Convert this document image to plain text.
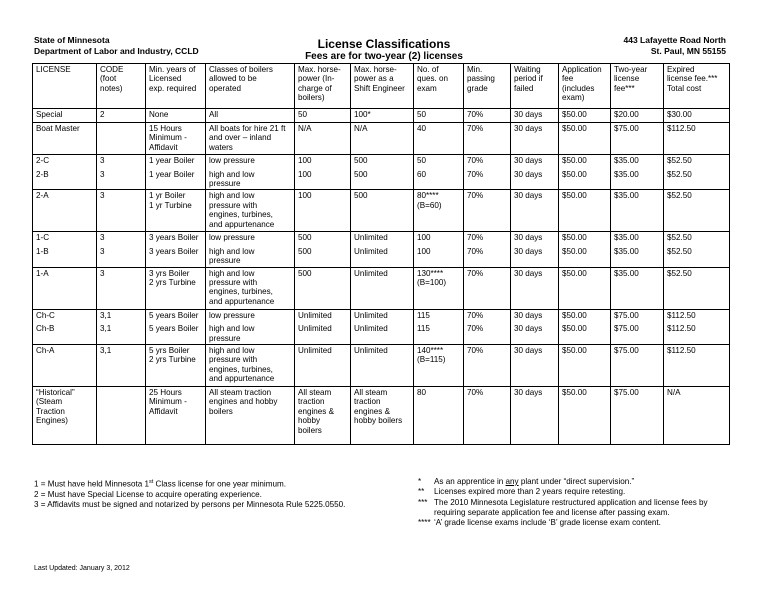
State of Minnesota
Department of Labor and Industry, CCLD	License Classifications
Fees are for two-year (2) licenses
443 Lafayette Road North
St. Paul, MN 55155
LICENSE	CODE
(foot
notes)	Min. years of
Licensed
exp. required	Classes of boilers
allowed to be
operated	Max. horse-
power (In-
charge of
boilers)	Max. horse-
power as a
Shift Engineer	No. of
ques. on
exam	Min.
passing
grade	Waiting
period if
failed	Application
fee
(includes
exam)	Two-year
license
fee***	Expired
license fee.***
Total cost
Special	2	None	All	50	100*	50	70%	30 days	$50.00	$20.00	$30.00
Boat Master		15 Hours
Minimum -
Affidavit	All boats for hire 21 ft
and over – inland
waters	N/A	N/A	40	70%	30 days	$50.00	$75.00	$112.50
2-C	3	1 year Boiler	low pressure	100	500	50	70%	30 days	$50.00	$35.00	$52.50
2-B	3	1 year Boiler	high and low
pressure	100	500	60	70%	30 days	$50.00	$35.00	$52.50
2-A	3	1 yr Boiler
1 yr Turbine	high and low
pressure with
engines, turbines,
and appurtenance	100	500	80****
(B=60)	70%	30 days	$50.00	$35.00	$52.50
1-C	3	3 years Boiler	low pressure	500	Unlimited	100	70%	30 days	$50.00	$35.00	$52.50
1-B	3	3 years Boiler	high and low
pressure	500	Unlimited	100	70%	30 days	$50.00	$35.00	$52.50
1-A	3	3 yrs Boiler
2 yrs Turbine	high and low
pressure with
engines, turbines,
and appurtenance	500	Unlimited	130****
(B=100)	70%	30 days	$50.00	$35.00	$52.50
Ch-C	3,1	5 years Boiler	low pressure	Unlimited	Unlimited	115	70%	30 days	$50.00	$75.00	$112.50
Ch-B	3,1	5 years Boiler	high and low
pressure	Unlimited	Unlimited	115	70%	30 days	$50.00	$75.00	$112.50
Ch-A	3,1	5 yrs Boiler
2 yrs Turbine	high and low
pressure with
engines, turbines,
and appurtenance	Unlimited	Unlimited	140****
(B=115)	70%	30 days	$50.00	$75.00	$112.50
“Historical”
(Steam
Traction
Engines)		25 Hours
Minimum -
Affidavit	All steam traction
engines and hobby
boilers	All steam
traction
engines &
hobby
boilers	All steam
traction
engines &
hobby boilers	80	70%	30 days	$50.00	$75.00	N/A
1 = Must have held Minnesota 1st Class license for one year minimum.
2 = Must have Special License to acquire operating experience.
3 = Affidavits must be signed and notarized by persons per Minnesota Rule 5225.0550.
*	As an apprentice in any plant under “direct supervision.”
**	Licenses expired more than 2 years require retesting.
*** The 2010 Minnesota Legislature restructured application and license fees by requiring separate application fee and license after passing exam.
**** ‘A’ grade license exams include ‘B’ grade license exam content.
Last Updated: January 3, 2012
